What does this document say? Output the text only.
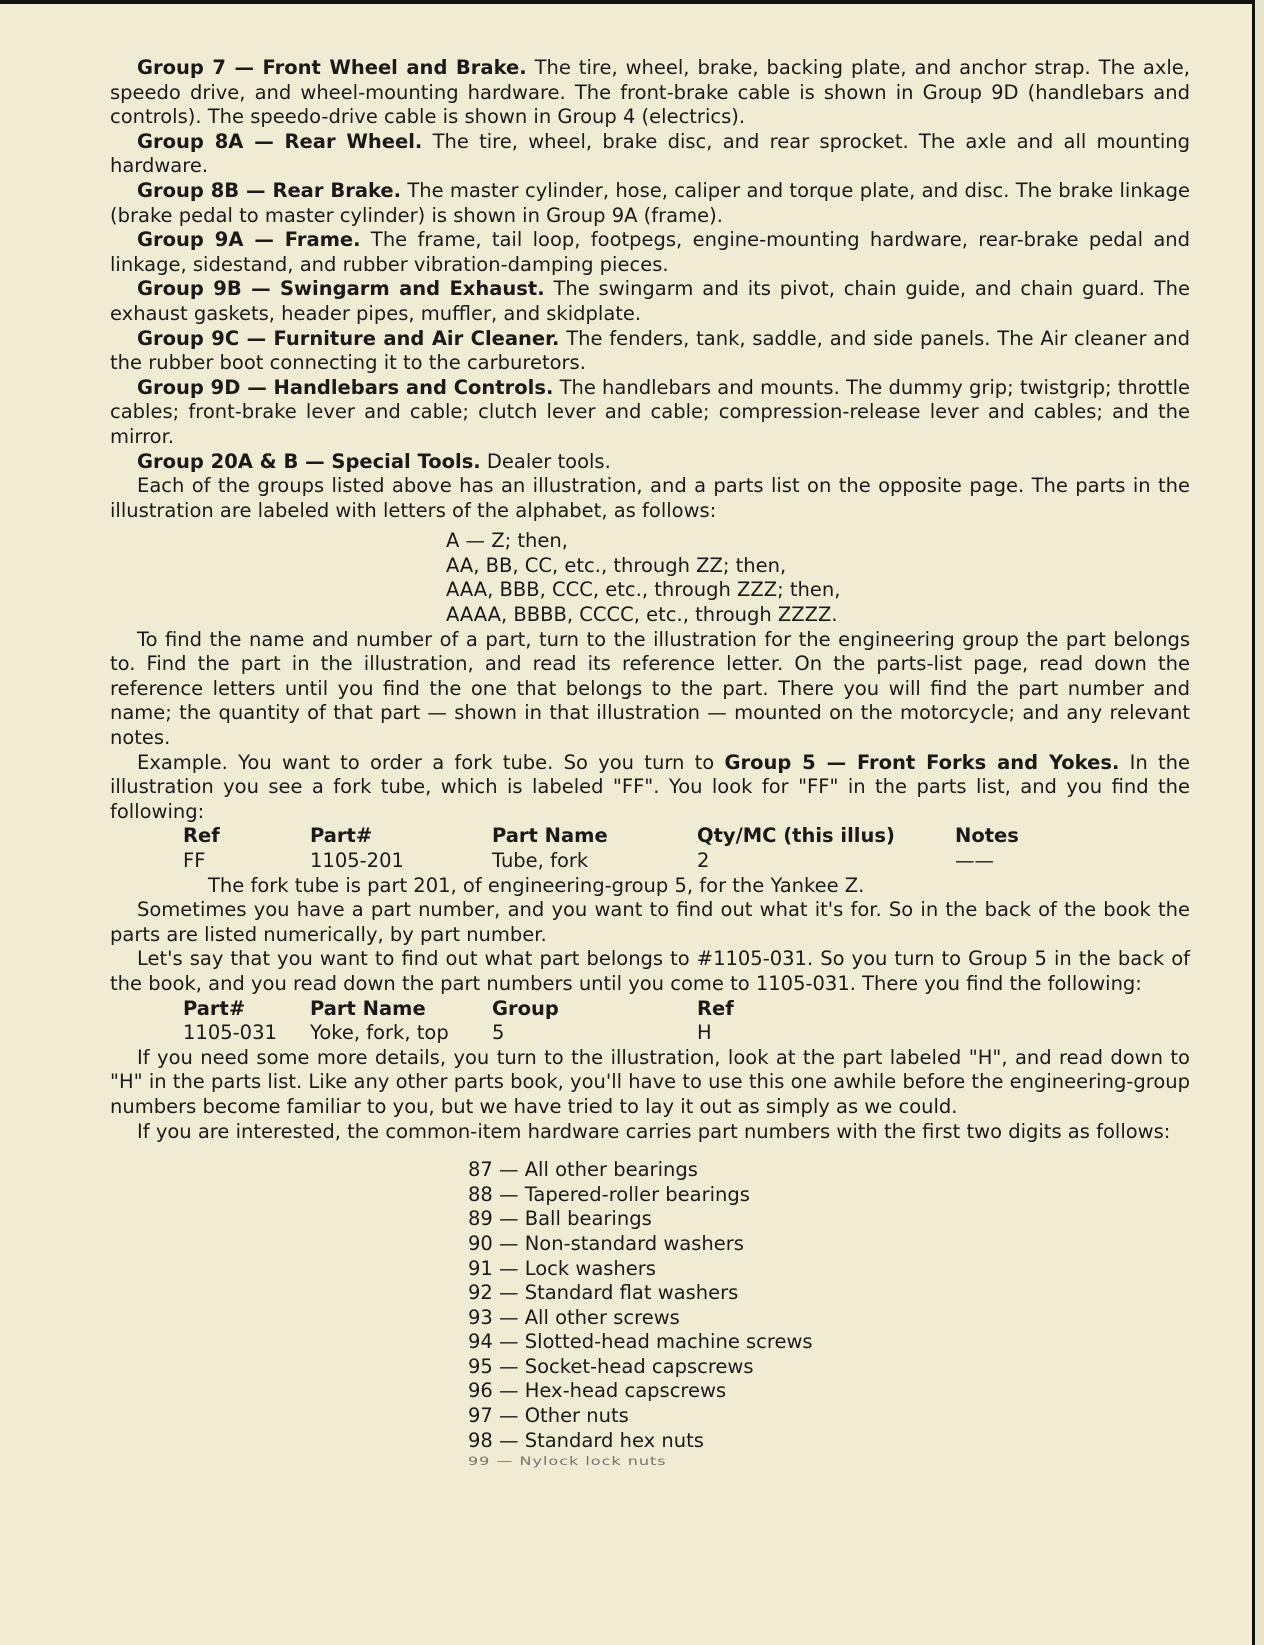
Group 7 — Front Wheel and Brake. The tire, wheel, brake, backing plate, and anchor strap. The axle, speedo drive, and wheel-mounting hardware. The front-brake cable is shown in Group 9D (handlebars and controls). The speedo-drive cable is shown in Group 4 (electrics).

Group 8A — Rear Wheel. The tire, wheel, brake disc, and rear sprocket. The axle and all mounting hardware.

Group 8B — Rear Brake. The master cylinder, hose, caliper and torque plate, and disc. The brake linkage (brake pedal to master cylinder) is shown in Group 9A (frame).

Group 9A — Frame. The frame, tail loop, footpegs, engine-mounting hardware, rear-brake pedal and linkage, sidestand, and rubber vibration-damping pieces.

Group 9B — Swingarm and Exhaust. The swingarm and its pivot, chain guide, and chain guard. The exhaust gaskets, header pipes, muffler, and skidplate.

Group 9C — Furniture and Air Cleaner. The fenders, tank, saddle, and side panels. The Air cleaner and the rubber boot connecting it to the carburetors.

Group 9D — Handlebars and Controls. The handlebars and mounts. The dummy grip; twistgrip; throttle cables; front-brake lever and cable; clutch lever and cable; compression-release lever and cables; and the mirror.

Group 20A & B — Special Tools. Dealer tools.

Each of the groups listed above has an illustration, and a parts list on the opposite page. The parts in the illustration are labeled with letters of the alphabet, as follows:

A — Z; then,
AA, BB, CC, etc., through ZZ; then,
AAA, BBB, CCC, etc., through ZZZ; then,
AAAA, BBBB, CCCC, etc., through ZZZZ.

To find the name and number of a part, turn to the illustration for the engineering group the part belongs to. Find the part in the illustration, and read its reference letter. On the parts-list page, read down the reference letters until you find the one that belongs to the part. There you will find the part number and name; the quantity of that part — shown in that illustration — mounted on the motorcycle; and any relevant notes.

Example. You want to order a fork tube. So you turn to Group 5 — Front Forks and Yokes. In the illustration you see a fork tube, which is labeled "FF". You look for "FF" in the parts list, and you find the following:

Ref	Part#	Part Name	Qty/MC (this illus)	Notes
FF	1105-201	Tube, fork	2	——
The fork tube is part 201, of engineering-group 5, for the Yankee Z.

Sometimes you have a part number, and you want to find out what it's for. So in the back of the book the parts are listed numerically, by part number.

Let's say that you want to find out what part belongs to #1105-031. So you turn to Group 5 in the back of the book, and you read down the part numbers until you come to 1105-031. There you find the following:

Part#	Part Name	Group	Ref
1105-031	Yoke, fork, top	5	H

If you need some more details, you turn to the illustration, look at the part labeled "H", and read down to "H" in the parts list. Like any other parts book, you'll have to use this one awhile before the engineering-group numbers become familiar to you, but we have tried to lay it out as simply as we could.

If you are interested, the common-item hardware carries part numbers with the first two digits as follows:

87 — All other bearings
88 — Tapered-roller bearings
89 — Ball bearings
90 — Non-standard washers
91 — Lock washers
92 — Standard flat washers
93 — All other screws
94 — Slotted-head machine screws
95 — Socket-head capscrews
96 — Hex-head capscrews
97 — Other nuts
98 — Standard hex nuts
99 — Nylock lock nuts
